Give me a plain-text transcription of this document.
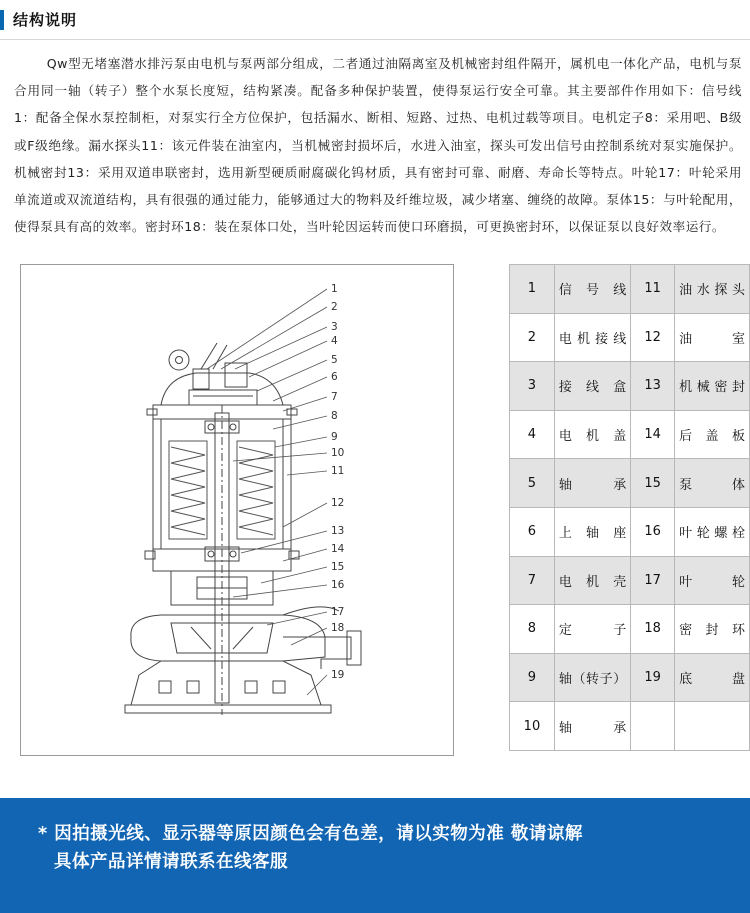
结构说明
Qw型无堵塞潜水排污泵由电机与泵两部分组成，二者通过油隔离室及机械密封组件隔开，属机电一体化产品，电机与泵合用同一轴（转子）整个水泵长度短，结构紧凑。配备多种保护装置，使得泵运行安全可靠。其主要部件作用如下：信号线1：配备全保水泵控制柜，对泵实行全方位保护，包括漏水、断相、短路、过热、电机过载等项目。电机定子8：采用吧、B级或F级绝缘。漏水探头11：该元件装在油室内，当机械密封损坏后，水进入油室，探头可发出信号由控制系统对泵实施保护。机械密封13：采用双道串联密封，选用新型硬质耐腐碳化钨材质，具有密封可靠、耐磨、寿命长等特点。叶轮17：叶轮采用单流道或双流道结构，具有很强的通过能力，能够通过大的物料及纤维垃圾，减少堵塞、缠绕的故障。泵体15：与叶轮配用，使得泵具有高的效率。密封环18：装在泵体口处，当叶轮因运转而使口环磨损，可更换密封环，以保证泵以良好效率运行。
1
2
3
4
5
6
7
8
9
10
11
12
13
14
15
16
17
18
19
1	信号线	11	油水探头
2	电机接线	12	油室
3	接线盒	13	机械密封
4	电机盖	14	后盖板
5	轴承	15	泵体
6	上轴座	16	叶轮螺栓
7	电机壳	17	叶轮
8	定子	18	密封环
9	轴（转子）	19	底盘
10	轴承		
* 因拍摄光线、显示器等原因颜色会有色差，请以实物为准 敬请谅解
具体产品详情请联系在线客服
